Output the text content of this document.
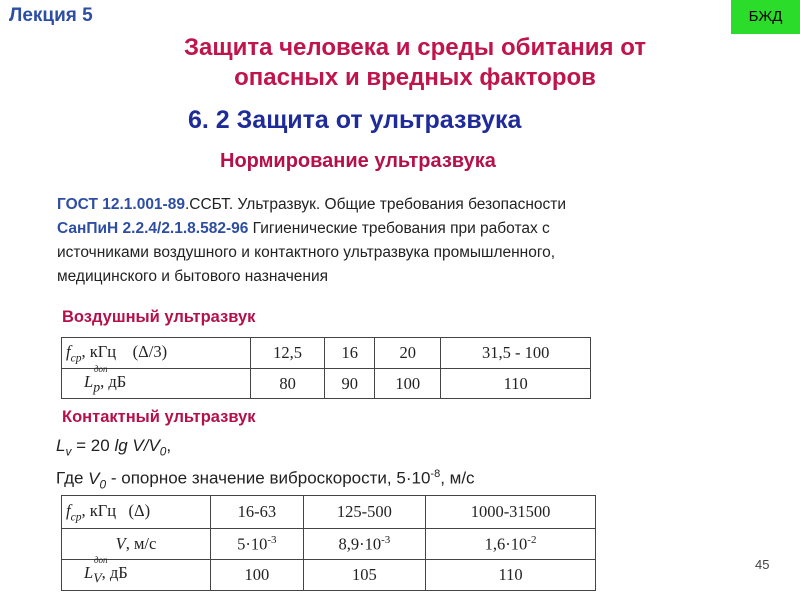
Лекция 5	БЖД
Защита человека и среды обитания от
опасных и вредных факторов
6. 2 Защита от ультразвука
Нормирование ультразвука
ГОСТ 12.1.001-89.ССБТ. Ультразвук. Общие требования безопасности
СанПиН 2.2.4/2.1.8.582-96 Гигиенические требования при работах с
источниками воздушного и контактного ультразвука промышленного,
медицинского и бытового назначения
Воздушный ультразвук
$f_{ср}$, кГц (Δ/3)	12,5	16	20	31,5 - 100
$L_p$
доп
, дБ	80	90	100	110
Контактный ультразвук
$L_v = 20$ $\lg V/V_0$,
Где $V_0$ - опорное значение виброскорости, $5\cdot 10^{-8}$, м/с
$f_{ср}$, кГц (Δ)	16-63	125-500	1000-31500
V, м/с	$5\cdot 10^{-3}$	$8,9\cdot 10^{-3}$	$1,6\cdot 10^{-2}$
$L_V$
доп
, дБ	100	105	110
45
